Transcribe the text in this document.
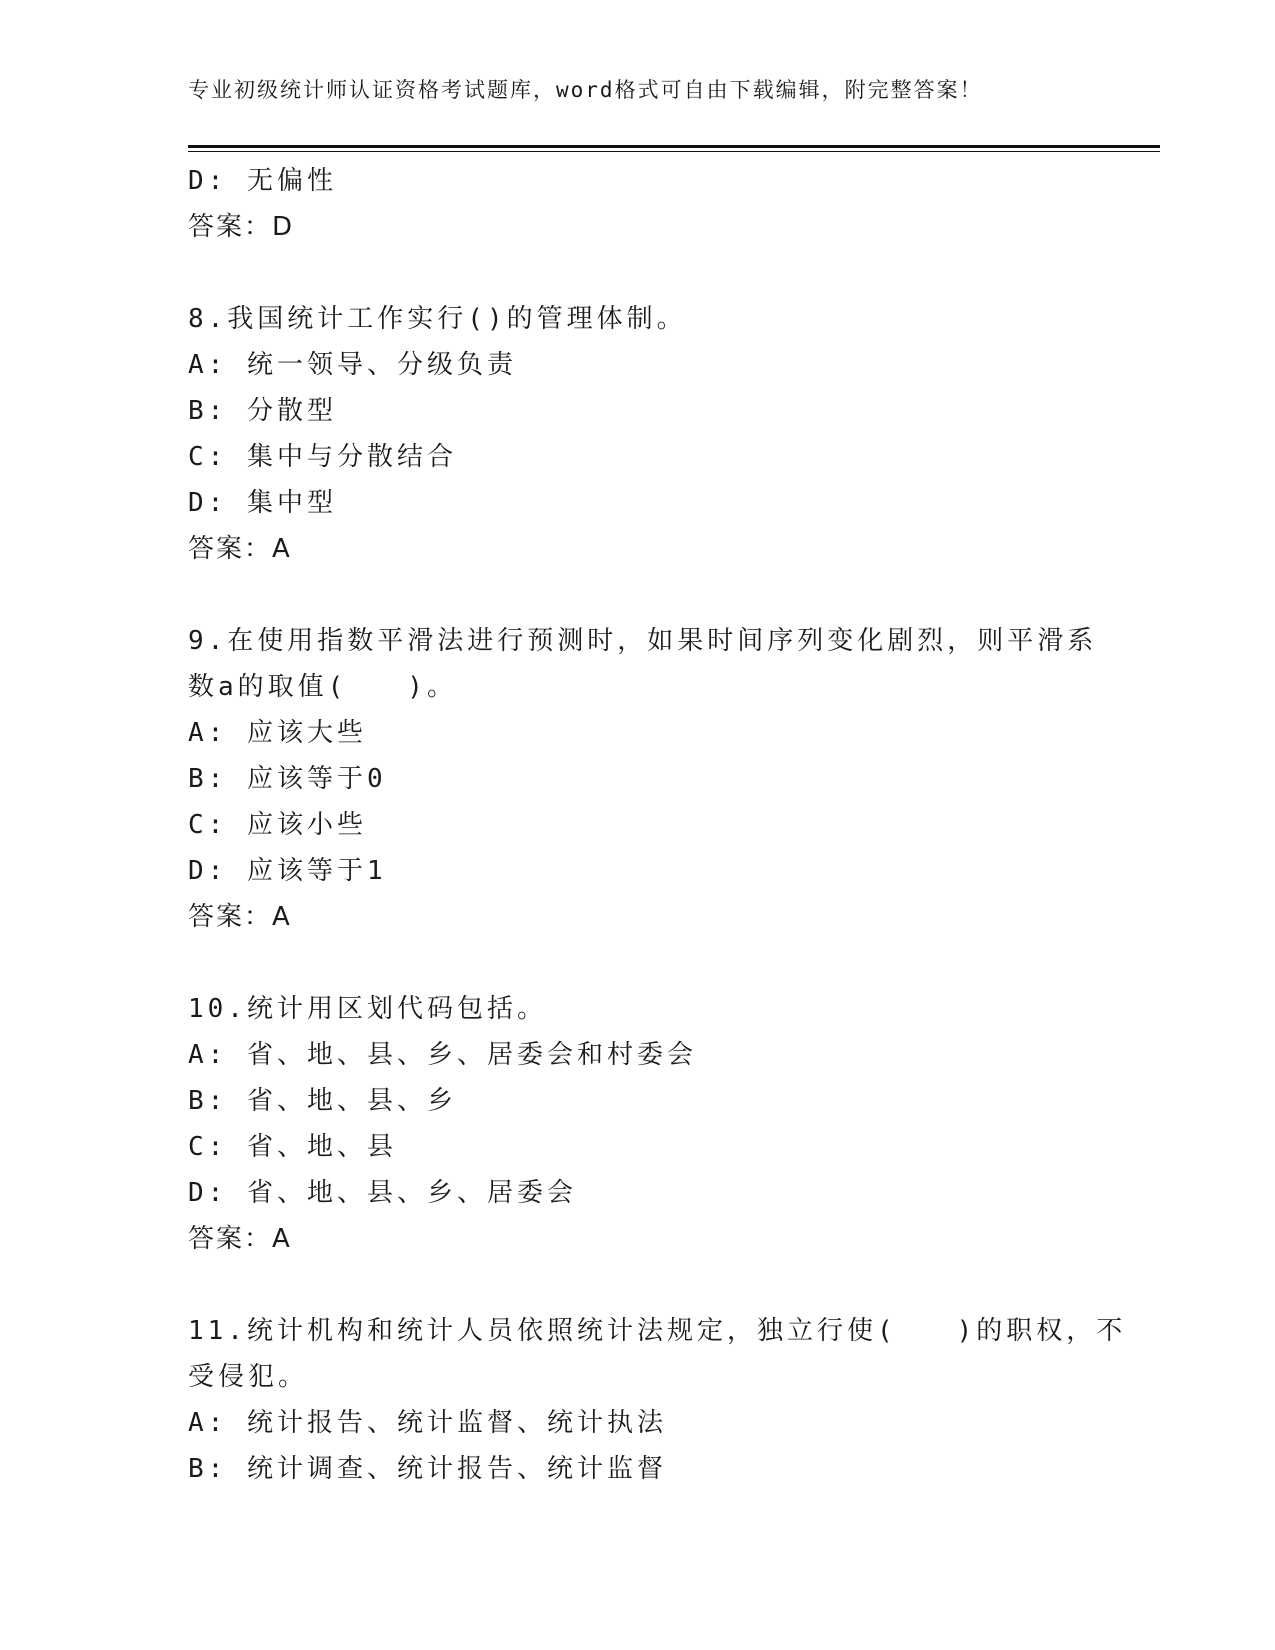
专业初级统计师认证资格考试题库，word格式可自由下载编辑，附完整答案！
D: 无偏性
答案：D
8.我国统计工作实行()的管理体制。
A: 统一领导、分级负责
B: 分散型
C: 集中与分散结合
D: 集中型
答案：A
9.在使用指数平滑法进行预测时，如果时间序列变化剧烈，则平滑系
数a的取值(　　)。
A: 应该大些
B: 应该等于0
C: 应该小些
D: 应该等于1
答案：A
10.统计用区划代码包括。
A: 省、地、县、乡、居委会和村委会
B: 省、地、县、乡
C: 省、地、县
D: 省、地、县、乡、居委会
答案：A
11.统计机构和统计人员依照统计法规定，独立行使(　　)的职权，不
受侵犯。
A: 统计报告、统计监督、统计执法
B: 统计调查、统计报告、统计监督
